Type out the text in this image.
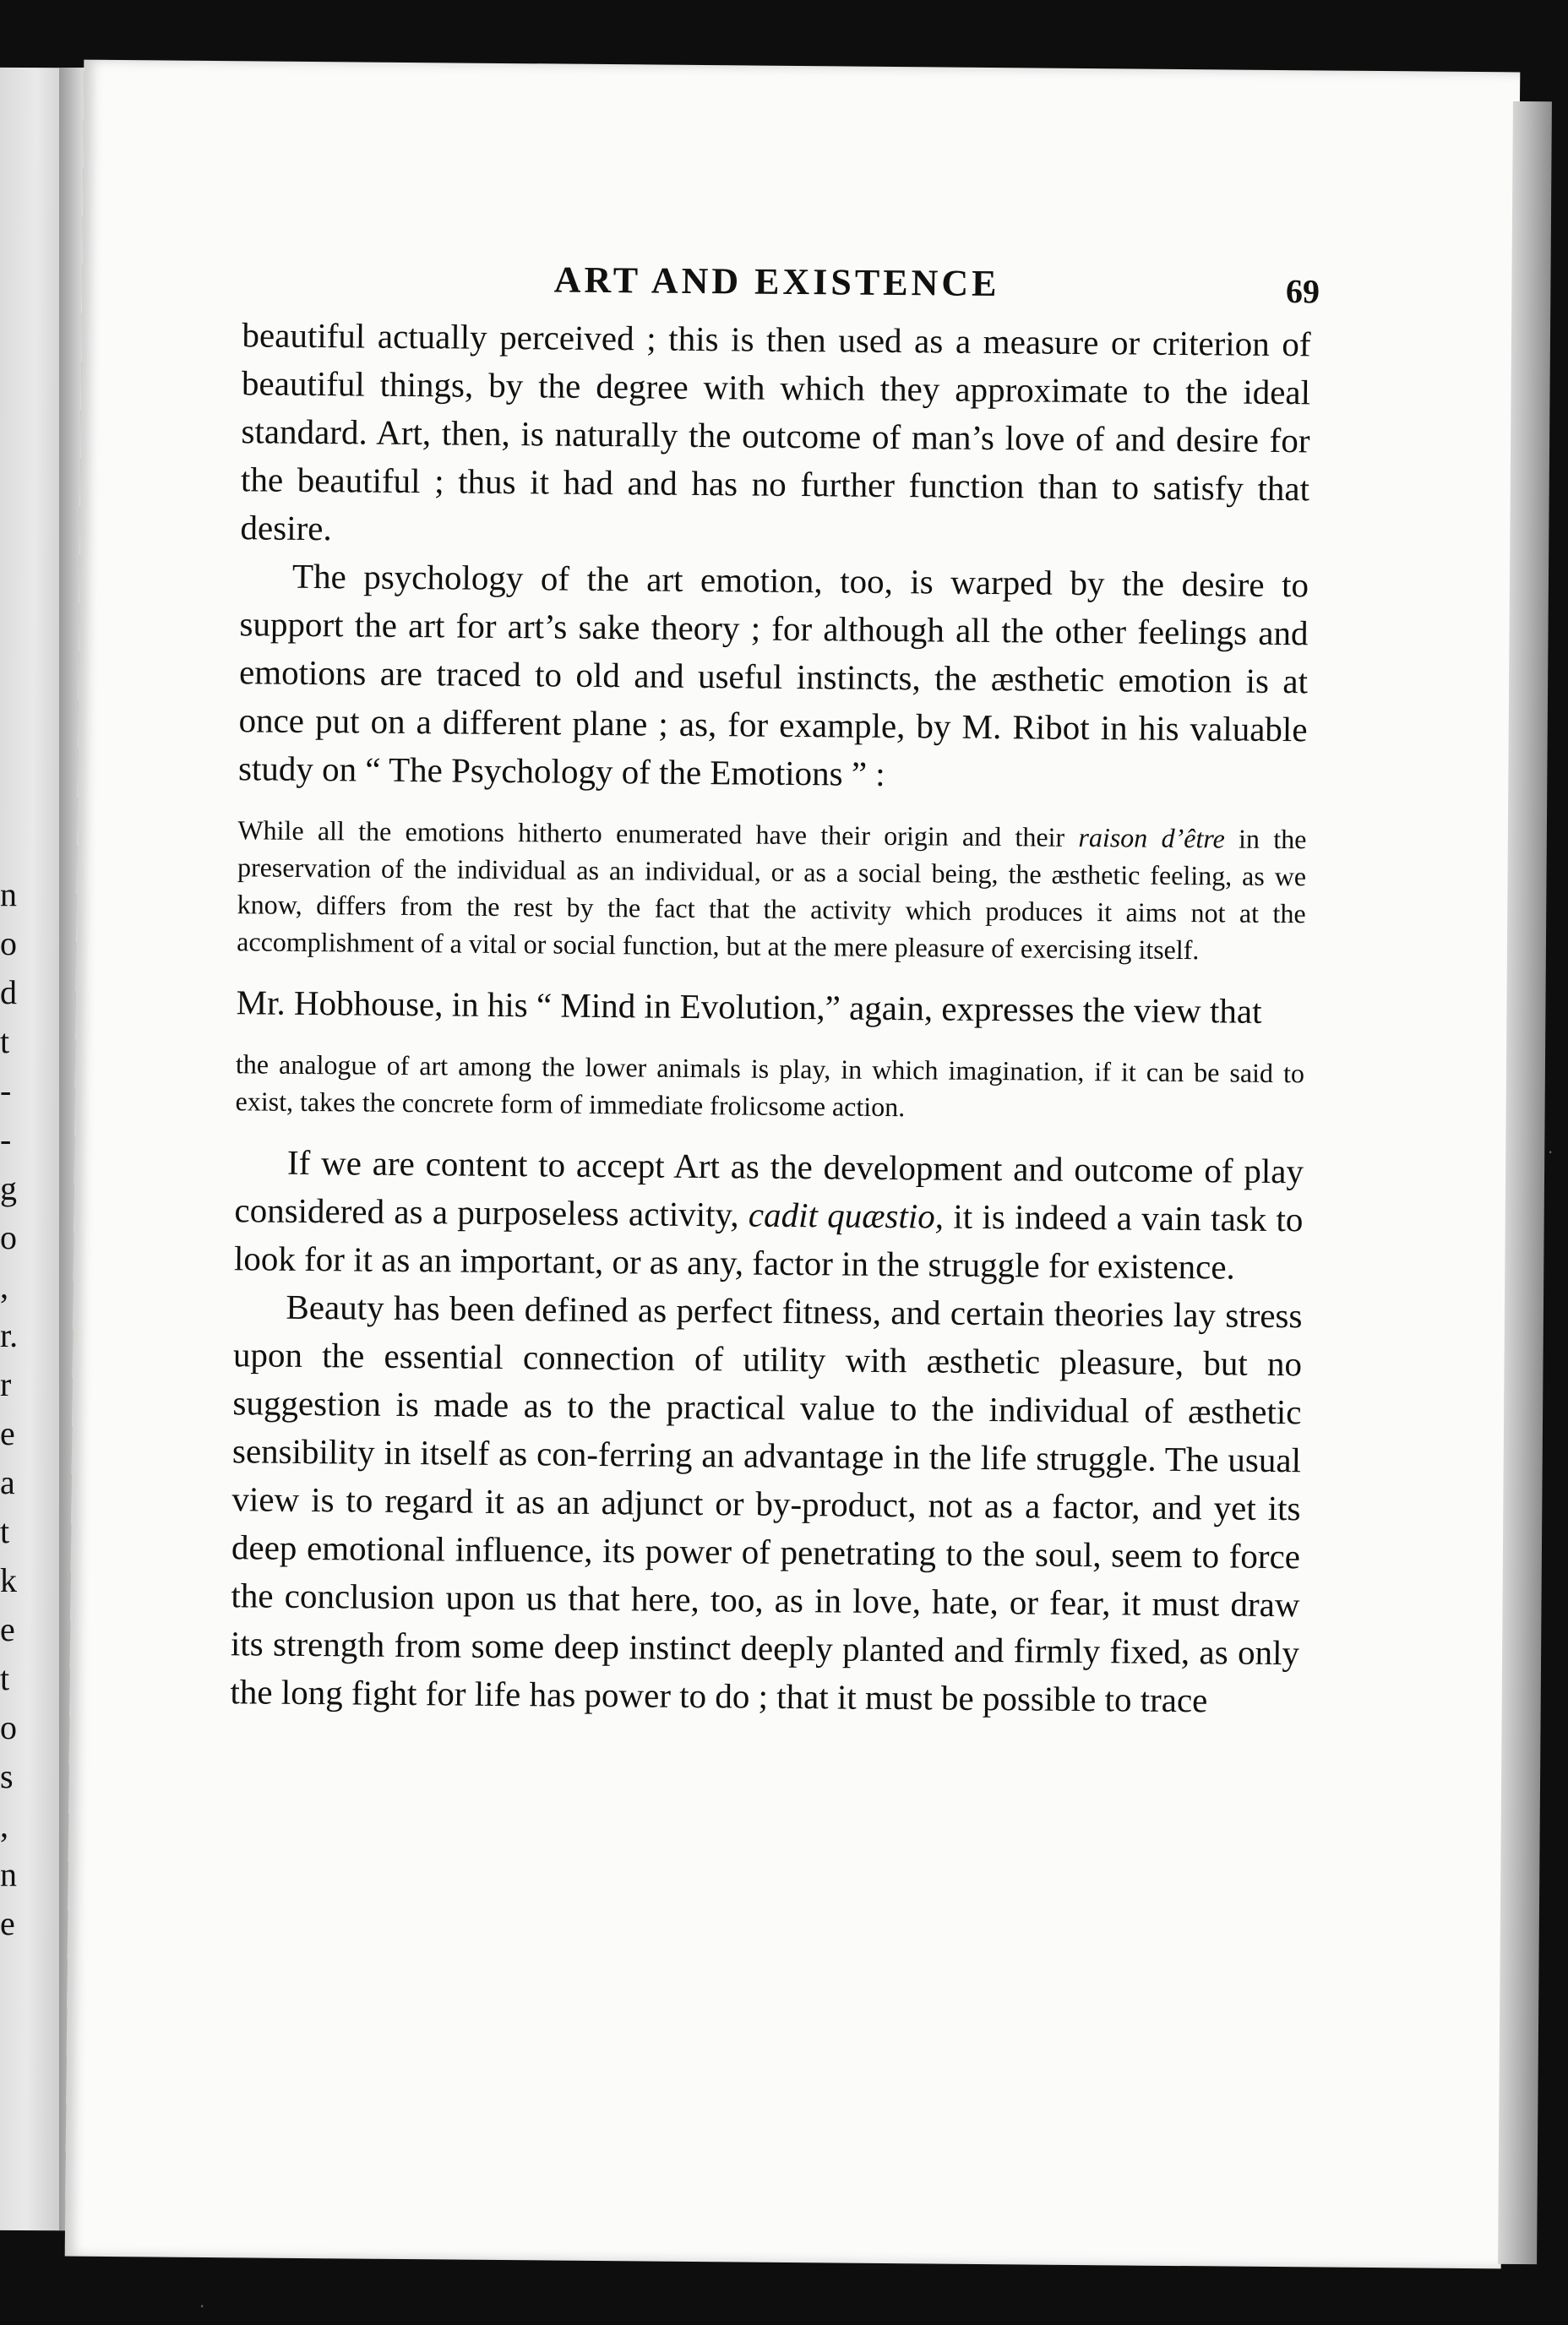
n
o
d
t
-
-
g
o
,
r.
r
e
a
t
k
e
t
o
s
,
n
e
ART AND EXISTENCE	69

beautiful actually perceived ; this is then used as a measure or criterion of beautiful things, by the degree with which they approximate to the ideal standard. Art, then, is naturally the outcome of man’s love of and desire for the beautiful ; thus it had and has no further function than to satisfy that desire.

The psychology of the art emotion, too, is warped by the desire to support the art for art’s sake theory ; for although all the other feelings and emotions are traced to old and useful instincts, the æsthetic emotion is at once put on a different plane ; as, for example, by M. Ribot in his valuable study on “ The Psychology of the Emotions ” :

While all the emotions hitherto enumerated have their origin and their raison d’être in the preservation of the individual as an individual, or as a social being, the æsthetic feeling, as we know, differs from the rest by the fact that the activity which produces it aims not at the accomplishment of a vital or social function, but at the mere pleasure of exercising itself.

Mr. Hobhouse, in his “ Mind in Evolution,” again, expresses the view that

the analogue of art among the lower animals is play, in which imagination, if it can be said to exist, takes the concrete form of immediate frolicsome action.

If we are content to accept Art as the development and outcome of play considered as a purposeless activity, cadit quæstio, it is indeed a vain task to look for it as an important, or as any, factor in the struggle for existence.

Beauty has been defined as perfect fitness, and certain theories lay stress upon the essential connection of utility with æsthetic pleasure, but no suggestion is made as to the practical value to the individual of æsthetic sensibility in itself as con-ferring an advantage in the life struggle. The usual view is to regard it as an adjunct or by-product, not as a factor, and yet its deep emotional influence, its power of penetrating to the soul, seem to force the conclusion upon us that here, too, as in love, hate, or fear, it must draw its strength from some deep instinct deeply planted and firmly fixed, as only the long fight for life has power to do ; that it must be possible to trace

·
·
